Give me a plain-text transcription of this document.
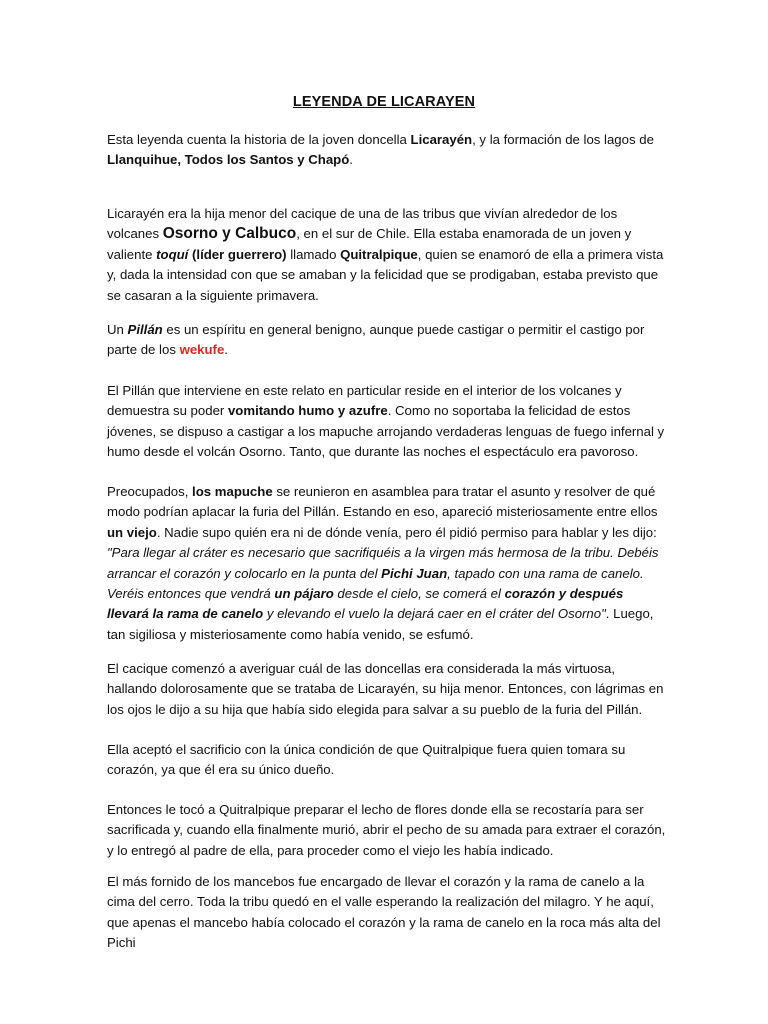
LEYENDA DE LICARAYEN
Esta leyenda cuenta la historia de la joven doncella Licarayén, y la formación de los lagos de Llanquihue, Todos los Santos y Chapó.
Licarayén era la hija menor del cacique de una de las tribus que vivían alrededor de los volcanes Osorno y Calbuco, en el sur de Chile. Ella estaba enamorada de un joven y valiente toquí (líder guerrero) llamado Quitralpique, quien se enamoró de ella a primera vista y, dada la intensidad con que se amaban y la felicidad que se prodigaban, estaba previsto que se casaran a la siguiente primavera.
Un Pillán es un espíritu en general benigno, aunque puede castigar o permitir el castigo por parte de los wekufe.
El Pillán que interviene en este relato en particular reside en el interior de los volcanes y demuestra su poder vomitando humo y azufre. Como no soportaba la felicidad de estos jóvenes, se dispuso a castigar a los mapuche arrojando verdaderas lenguas de fuego infernal y humo desde el volcán Osorno. Tanto, que durante las noches el espectáculo era pavoroso.
Preocupados, los mapuche se reunieron en asamblea para tratar el asunto y resolver de qué modo podrían aplacar la furia del Pillán. Estando en eso, apareció misteriosamente entre ellos un viejo. Nadie supo quién era ni de dónde venía, pero él pidió permiso para hablar y les dijo: "Para llegar al cráter es necesario que sacrifiquéis a la virgen más hermosa de la tribu. Debéis arrancar el corazón y colocarlo en la punta del Pichi Juan, tapado con una rama de canelo. Veréis entonces que vendrá un pájaro desde el cielo, se comerá el corazón y después llevará la rama de canelo y elevando el vuelo la dejará caer en el cráter del Osorno". Luego, tan sigiliosa y misteriosamente como había venido, se esfumó.
El cacique comenzó a averiguar cuál de las doncellas era considerada la más virtuosa, hallando dolorosamente que se trataba de Licarayén, su hija menor. Entonces, con lágrimas en los ojos le dijo a su hija que había sido elegida para salvar a su pueblo de la furia del Pillán.
Ella aceptó el sacrificio con la única condición de que Quitralpique fuera quien tomara su corazón, ya que él era su único dueño.
Entonces le tocó a Quitralpique preparar el lecho de flores donde ella se recostaría para ser sacrificada y, cuando ella finalmente murió, abrir el pecho de su amada para extraer el corazón, y lo entregó al padre de ella, para proceder como el viejo les había indicado.
El más fornido de los mancebos fue encargado de llevar el corazón y la rama de canelo a la cima del cerro. Toda la tribu quedó en el valle esperando la realización del milagro. Y he aquí, que apenas el mancebo había colocado el corazón y la rama de canelo en la roca más alta del Pichi
